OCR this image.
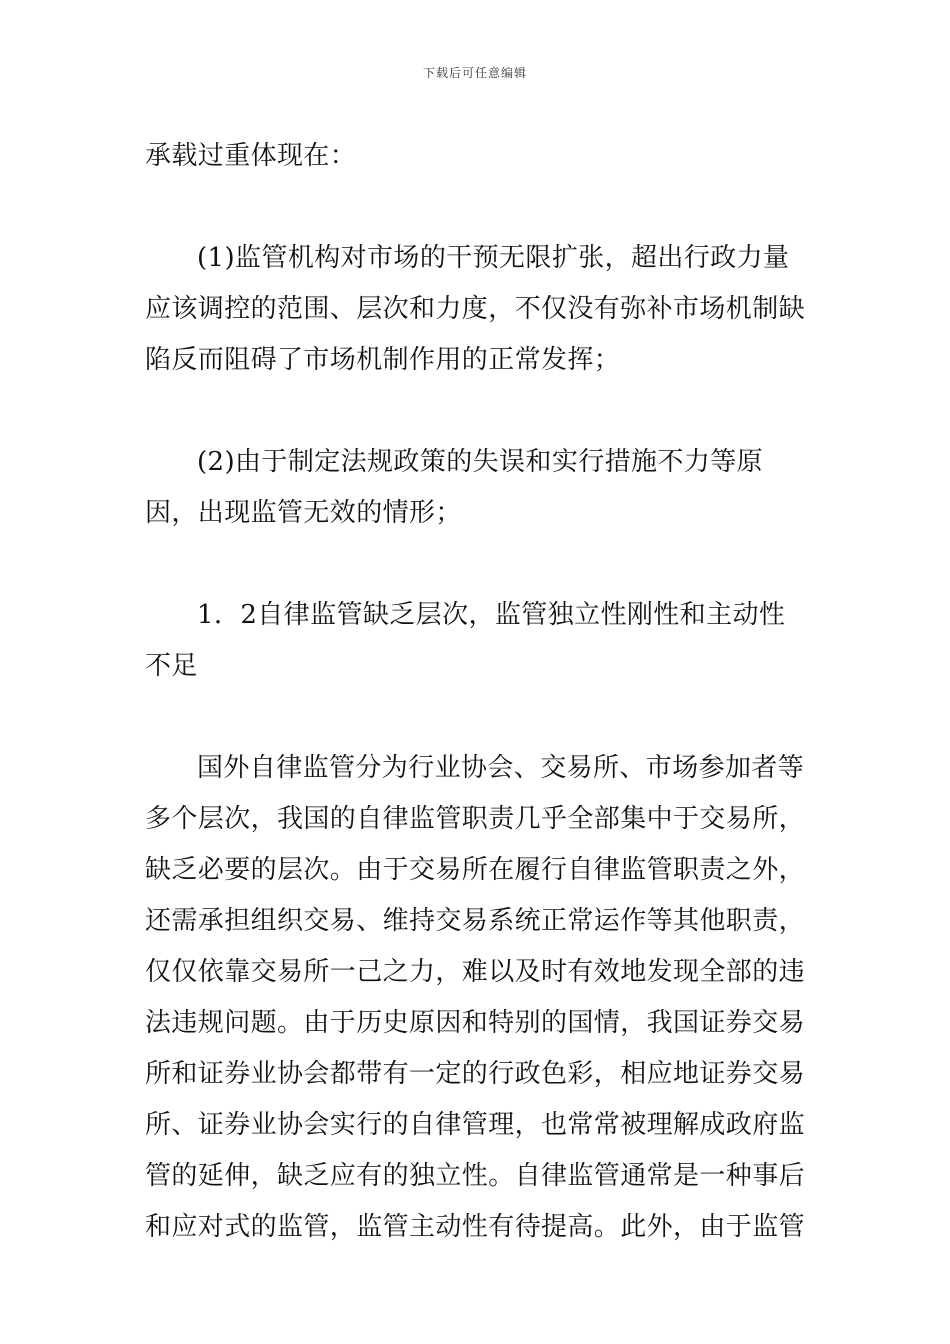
下载后可任意编辑

承载过重体现在：

(1)监管机构对市场的干预无限扩张，超出行政力量应该调控的范围、层次和力度，不仅没有弥补市场机制缺陷反而阻碍了市场机制作用的正常发挥；

(2)由于制定法规政策的失误和实行措施不力等原因，出现监管无效的情形；

1．2自律监管缺乏层次，监管独立性刚性和主动性不足

国外自律监管分为行业协会、交易所、市场参加者等多个层次，我国的自律监管职责几乎全部集中于交易所，缺乏必要的层次。由于交易所在履行自律监管职责之外，还需承担组织交易、维持交易系统正常运作等其他职责，仅仅依靠交易所一己之力，难以及时有效地发现全部的违法违规问题。由于历史原因和特别的国情，我国证券交易所和证券业协会都带有一定的行政色彩，相应地证券交易所、证券业协会实行的自律管理，也常常被理解成政府监管的延伸，缺乏应有的独立性。自律监管通常是一种事后和应对式的监管，监管主动性有待提高。此外，由于监管
